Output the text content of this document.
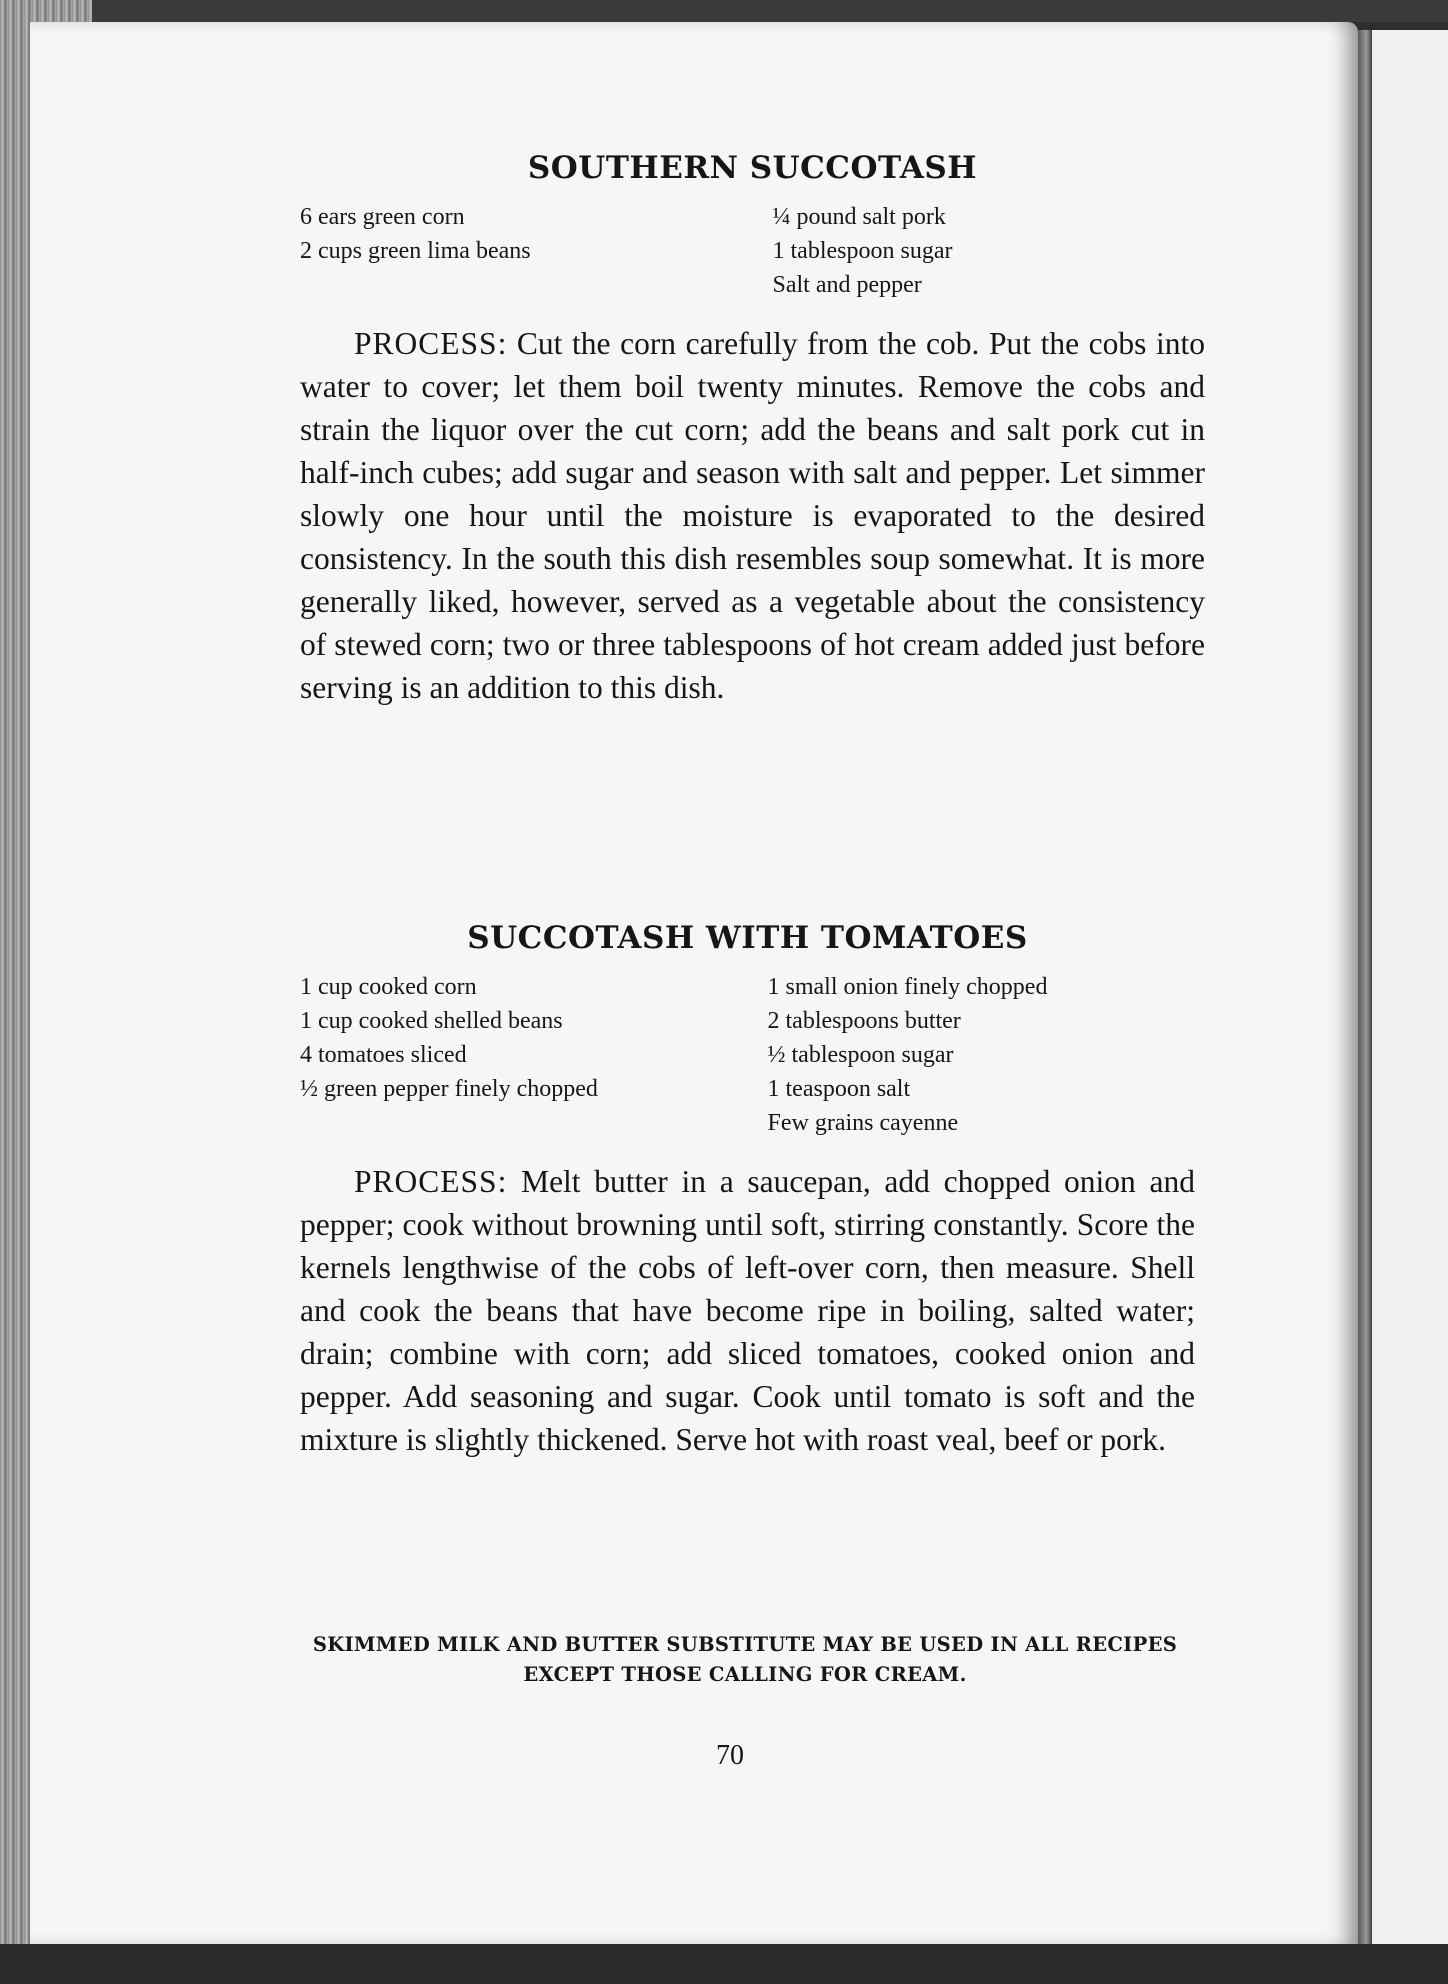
SOUTHERN SUCCOTASH
6 ears green corn
2 cups green lima beans
¼ pound salt pork
1 tablespoon sugar
Salt and pepper

PROCESS: Cut the corn carefully from the cob. Put the cobs into water to cover; let them boil twenty minutes. Remove the cobs and strain the liquor over the cut corn; add the beans and salt pork cut in half-inch cubes; add sugar and season with salt and pepper. Let simmer slowly one hour until the moisture is evaporated to the desired consistency. In the south this dish resembles soup somewhat. It is more generally liked, however, served as a vegetable about the consistency of stewed corn; two or three tablespoons of hot cream added just before serving is an addition to this dish.

SUCCOTASH WITH TOMATOES
1 cup cooked corn
1 cup cooked shelled beans
4 tomatoes sliced
½ green pepper finely chopped
1 small onion finely chopped
2 tablespoons butter
½ tablespoon sugar
1 teaspoon salt
Few grains cayenne

PROCESS: Melt butter in a saucepan, add chopped onion and pepper; cook without browning until soft, stirring constantly. Score the kernels lengthwise of the cobs of left-over corn, then measure. Shell and cook the beans that have become ripe in boiling, salted water; drain; combine with corn; add sliced tomatoes, cooked onion and pepper. Add seasoning and sugar. Cook until tomato is soft and the mixture is slightly thickened. Serve hot with roast veal, beef or pork.

SKIMMED MILK AND BUTTER SUBSTITUTE MAY BE USED IN ALL RECIPES EXCEPT THOSE CALLING FOR CREAM.
70
